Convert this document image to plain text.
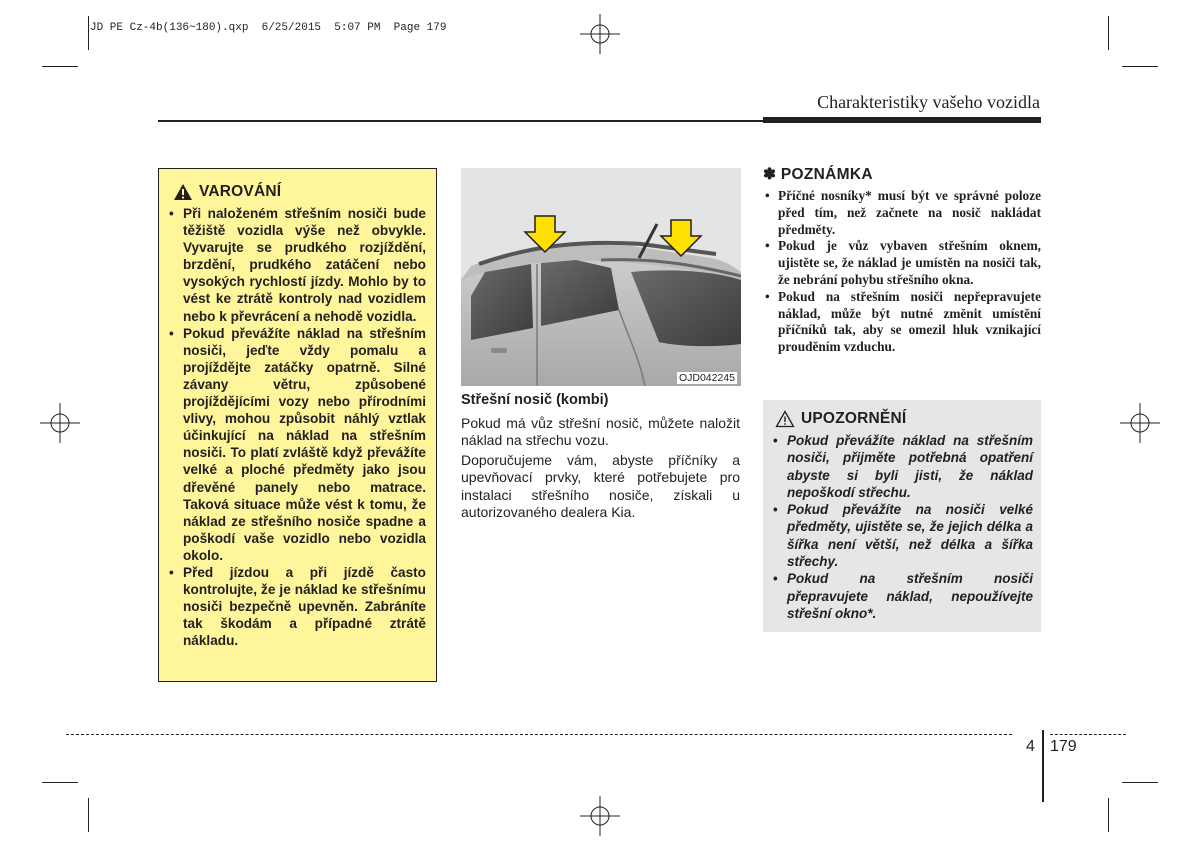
JD PE Cz-4b(136~180).qxp  6/25/2015  5:07 PM  Page 179
Charakteristiky vašeho vozidla
VAROVÁNÍ
• Při naloženém střešním nosiči bude těžiště vozidla výše než obvykle. Vyvarujte se prudkého rozjíždění, brzdění, prudkého zatáčení nebo vysokých rychlostí jízdy. Mohlo by to vést ke ztrátě kontroly nad vozidlem nebo k převrácení a nehodě vozidla.
• Pokud převážíte náklad na střešním nosiči, jeďte vždy pomalu a projíždějte zatáčky opatrně. Silné závany větru, způsobené projíždějícími vozy nebo přírodními vlivy, mohou způsobit náhlý vztlak účinkující na náklad na střešním nosiči. To platí zvláště když převážíte velké a ploché předměty jako jsou dřevěné panely nebo matrace. Taková situace může vést k tomu, že náklad ze střešního nosiče spadne a poškodí vaše vozidlo nebo vozidla okolo.
• Před jízdou a při jízdě často kontrolujte, že je náklad ke střešnímu nosiči bezpečně upevněn. Zabráníte tak škodám a případné ztrátě nákladu.
OJD042245
Střešní nosič (kombi)
Pokud má vůz střešní nosič, můžete naložit náklad na střechu vozu.
Doporučujeme vám, abyste příčníky a upevňovací prvky, které potřebujete pro instalaci střešního nosiče, získali u autorizovaného dealera Kia.
✽ POZNÁMKA
• Příčné nosníky* musí být ve správné poloze před tím, než začnete na nosič nakládat předměty.
• Pokud je vůz vybaven střešním oknem, ujistěte se, že náklad je umístěn na nosiči tak, že nebrání pohybu střešního okna.
• Pokud na střešním nosiči nepřepravujete náklad, může být nutné změnit umístění příčníků tak, aby se omezil hluk vznikající prouděním vzduchu.
UPOZORNĚNÍ
• Pokud převážíte náklad na střešním nosiči, přijměte potřebná opatření abyste si byli jisti, že náklad nepoškodí střechu.
• Pokud převážíte na nosiči velké předměty, ujistěte se, že jejich délka a šířka není větší, než délka a šířka střechy.
• Pokud na střešním nosiči přepravujete náklad, nepoužívejte střešní okno*.
4 179
